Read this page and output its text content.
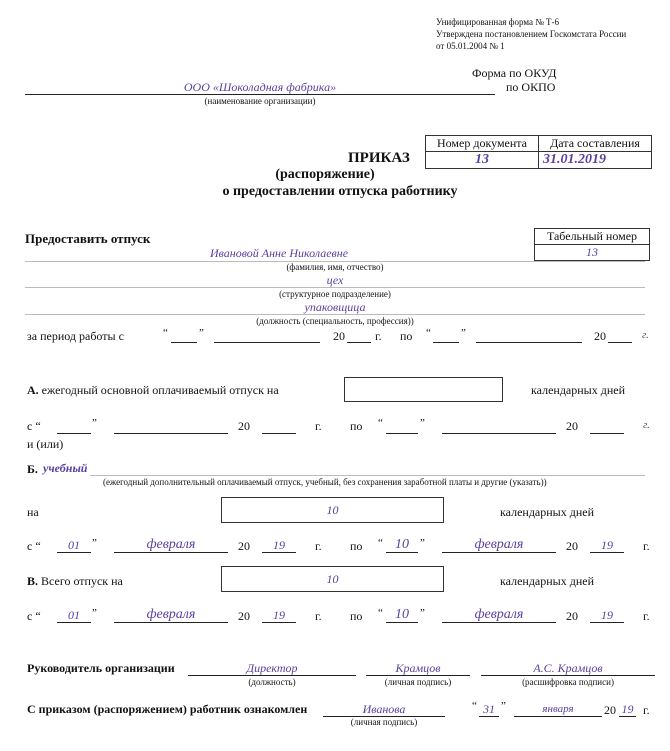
Унифицированная форма № Т-6
Утверждена постановлением Госкомстата России
от 05.01.2004 № 1
Форма по ОКУД
по ОКПО
ООО «Шоколадная фабрика»
(наименование организации)
Номер документа	Дата составления
13	31.01.2019
ПРИКАЗ
(распоряжение)
о предоставлении отпуска работнику
Предоставить отпуск	Табельный номер
13
Ивановой Анне Николаевне
(фамилия, имя, отчество)
цех
(структурное подразделение)
упаковщица
(должность (специальность, профессия))
за период работы с	“	”	20	г. по “	”	20	г.
А. ежегодный основной оплачиваемый отпуск на	календарных дней
с “	”	20	г. по “	”	20	г.
и (или)
Б. учебный
(ежегодный дополнительный оплачиваемый отпуск, учебный, без сохранения заработной платы и другие (указать))
на	10	календарных дней
с “	01	”	февраля	20	19	г. по “ 10	”	февраля	20	19	г.
В. Всего отпуск на	10	календарных дней
с “	01	”	февраля	20	19	г. по “ 10	”	февраля	20	19	г.
Руководитель организации	Директор
(должность)
Крамцов
(личная подпись)
А.С. Крамцов
(расшифровка подписи)
С приказом (распоряжением) работник ознакомлен	Иванова
(личная подпись)
“ 31 ”	января	20 19 г.
